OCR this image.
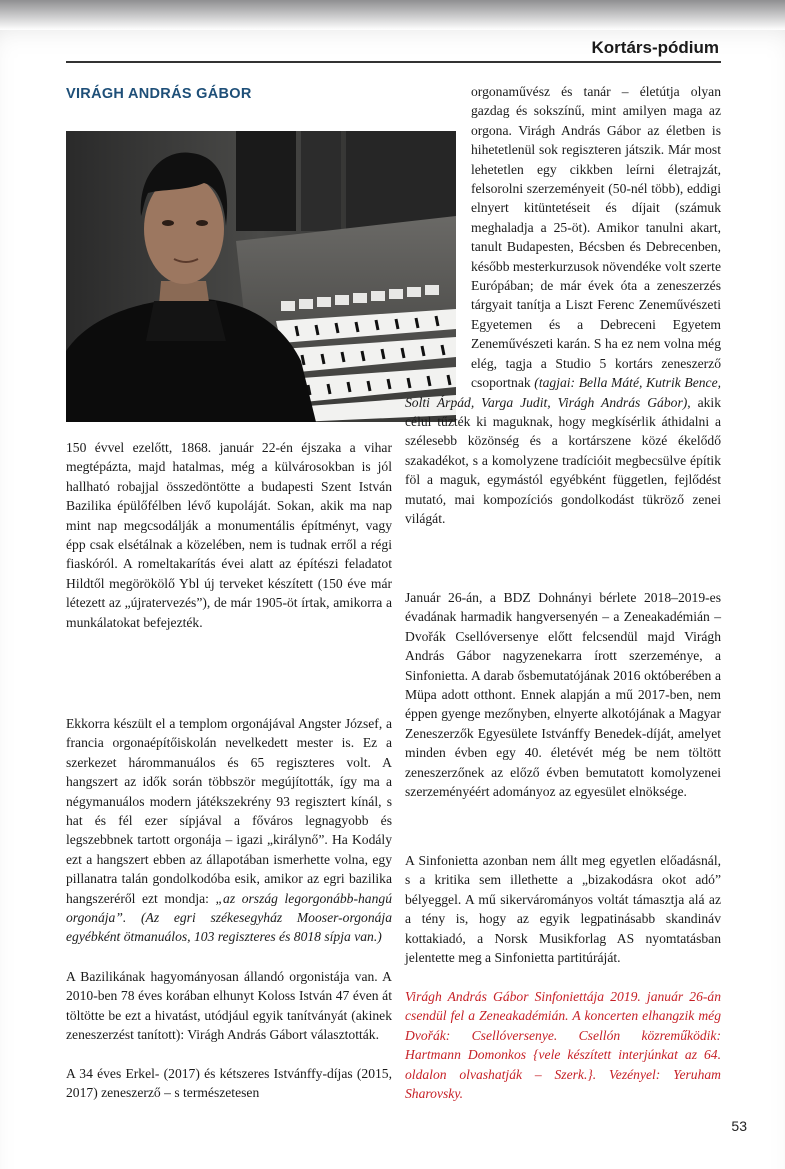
Kortárs-pódium
VIRÁGH ANDRÁS GÁBOR

150 évvel ezelőtt, 1868. január 22-én éjszaka a vihar megtépázta, majd hatalmas, még a külvárosokban is jól hallható robajjal összedöntötte a budapesti Szent István Bazilika épülőfélben lévő kupoláját. Sokan, akik ma nap mint nap megcsodálják a monumentális építményt, vagy épp csak elsétálnak a közelében, nem is tudnak erről a régi fiaskóról. A romeltakarítás évei alatt az építészi feladatot Hildtől megörökölő Ybl új terveket készített (150 éve már létezett az „újratervezés”), de már 1905-öt írtak, amikorra a munkálatokat befejezték.

Ekkorra készült el a templom orgonájával Angster József, a francia orgonaépítőiskolán nevelkedett mester is. Ez a szerkezet hárommanuálos és 65 regiszteres volt. A hangszert az idők során többször megújították, így ma a négymanuálos modern játékszekrény 93 regisztert kínál, s hat és fél ezer sípjával a főváros legnagyobb és legszebbnek tartott orgonája – igazi „királynő”. Ha Kodály ezt a hangszert ebben az állapotában ismerhette volna, egy pillanatra talán gondolkodóba esik, amikor az egri bazilika hangszeréről ezt mondja: „az ország legorgonább-hangú orgonája”. (Az egri székesegyház Mooser-orgonája egyébként ötmanuálos, 103 regiszteres és 8018 sípja van.)

A Bazilikának hagyományosan állandó orgonistája van. A 2010-ben 78 éves korában elhunyt Koloss István 47 éven át töltötte be ezt a hivatást, utódjául egyik tanítványát (akinek zeneszerzést tanított): Virágh András Gábort választották.

A 34 éves Erkel- (2017) és kétszeres Istvánffy-díjas (2015, 2017) zeneszerző – s természetesen

orgonaművész és tanár – életútja olyan gazdag és sokszínű, mint amilyen maga az orgona. Virágh András Gábor az életben is hihetetlenül sok regiszteren játszik. Már most lehetetlen egy cikkben leírni életrajzát, felsorolni szerzeményeit (50-nél több), eddigi elnyert kitüntetéseit és díjait (számuk meghaladja a 25-öt). Amikor tanulni akart, tanult Budapesten, Bécsben és Debrecenben, később mesterkurzusok növendéke volt szerte Európában; de már évek óta a zeneszerzés tárgyait tanítja a Liszt Ferenc Zeneművészeti Egyetemen és a Debreceni Egyetem Zeneművészeti karán. S ha ez nem volna még elég, tagja a Studio 5 kortárs zeneszerző csoportnak (tagjai: Bella Máté, Kutrik Bence, Solti Árpád, Varga Judit, Virágh András Gábor), akik célul tűzték ki maguknak, hogy megkísérlik áthidalni a szélesebb közönség és a kortárszene közé ékelődő szakadékot, s a komolyzene tradícióit megbecsülve építik föl a maguk, egymástól egyébként független, fejlődést mutató, mai kompozíciós gondolkodást tükröző zenei világát.

Január 26-án, a BDZ Dohnányi bérlete 2018–2019-es évadának harmadik hangversenyén – a Zeneakadémián – Dvořák Csellóversenye előtt felcsendül majd Virágh András Gábor nagyzenekarra írott szerzeménye, a Sinfonietta. A darab ősbemutatójának 2016 októberében a Müpa adott otthont. Ennek alapján a mű 2017-ben, nem éppen gyenge mezőnyben, elnyerte alkotójának a Magyar Zeneszerzők Egyesülete Istvánffy Benedek-díját, amelyet minden évben egy 40. életévét még be nem töltött zeneszerzőnek az előző évben bemutatott komolyzenei szerzeményéért adományoz az egyesület elnöksége.

A Sinfonietta azonban nem állt meg egyetlen előadásnál, s a kritika sem illethette a „bizakodásra okot adó” bélyeggel. A mű sikervárományos voltát támasztja alá az a tény is, hogy az egyik legpatinásabb skandináv kottakiadó, a Norsk Musikforlag AS nyomtatásban jelentette meg a Sinfonietta partitúráját.

Virágh András Gábor Sinfoniettája 2019. január 26-án csendül fel a Zeneakadémián. A koncerten elhangzik még Dvořák: Csellóversenye. Csellón közreműködik: Hartmann Domonkos {vele készített interjúnkat az 64. oldalon olvashatják – Szerk.}. Vezényel: Yeruham Sharovsky.

53
